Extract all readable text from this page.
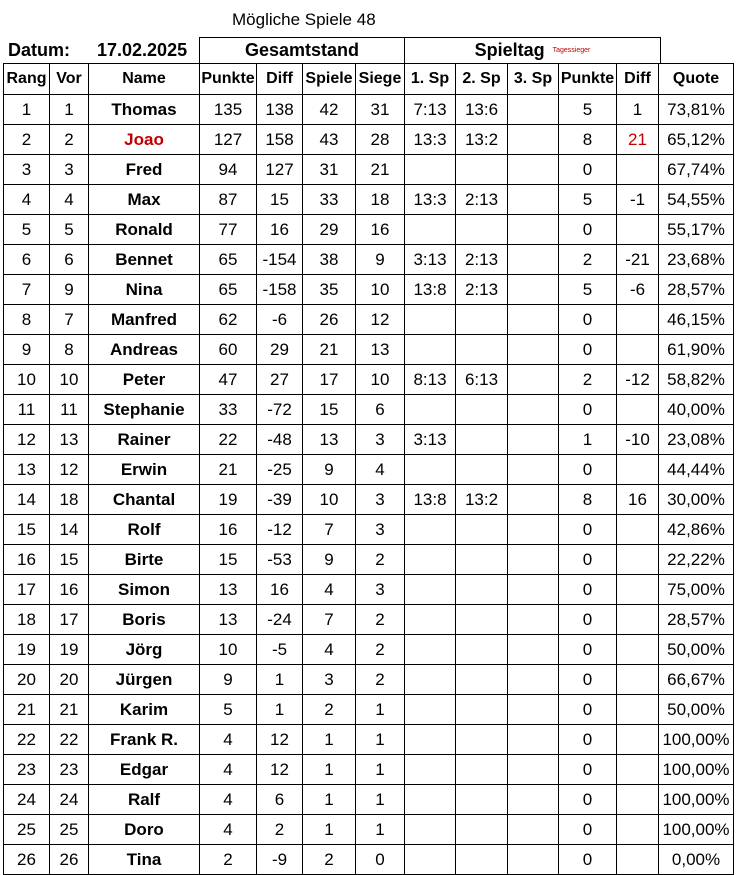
Mögliche Spiele 48
Datum: 17.02.2025	Gesamtstand	Spieltag Tagessieger
Rang	Vor	Name	Punkte	Diff	Spiele	Siege	1. Sp	2. Sp	3. Sp	Punkte	Diff	Quote
1	1	Thomas	135	138	42	31	7:13	13:6		5	1	73,81%
2	2	Joao	127	158	43	28	13:3	13:2		8	21	65,12%
3	3	Fred	94	127	31	21				0		67,74%
4	4	Max	87	15	33	18	13:3	2:13		5	-1	54,55%
5	5	Ronald	77	16	29	16				0		55,17%
6	6	Bennet	65	-154	38	9	3:13	2:13		2	-21	23,68%
7	9	Nina	65	-158	35	10	13:8	2:13		5	-6	28,57%
8	7	Manfred	62	-6	26	12				0		46,15%
9	8	Andreas	60	29	21	13				0		61,90%
10	10	Peter	47	27	17	10	8:13	6:13		2	-12	58,82%
11	11	Stephanie	33	-72	15	6				0		40,00%
12	13	Rainer	22	-48	13	3	3:13			1	-10	23,08%
13	12	Erwin	21	-25	9	4				0		44,44%
14	18	Chantal	19	-39	10	3	13:8	13:2		8	16	30,00%
15	14	Rolf	16	-12	7	3				0		42,86%
16	15	Birte	15	-53	9	2				0		22,22%
17	16	Simon	13	16	4	3				0		75,00%
18	17	Boris	13	-24	7	2				0		28,57%
19	19	Jörg	10	-5	4	2				0		50,00%
20	20	Jürgen	9	1	3	2				0		66,67%
21	21	Karim	5	1	2	1				0		50,00%
22	22	Frank R.	4	12	1	1				0		100,00%
23	23	Edgar	4	12	1	1				0		100,00%
24	24	Ralf	4	6	1	1				0		100,00%
25	25	Doro	4	2	1	1				0		100,00%
26	26	Tina	2	-9	2	0				0		0,00%
